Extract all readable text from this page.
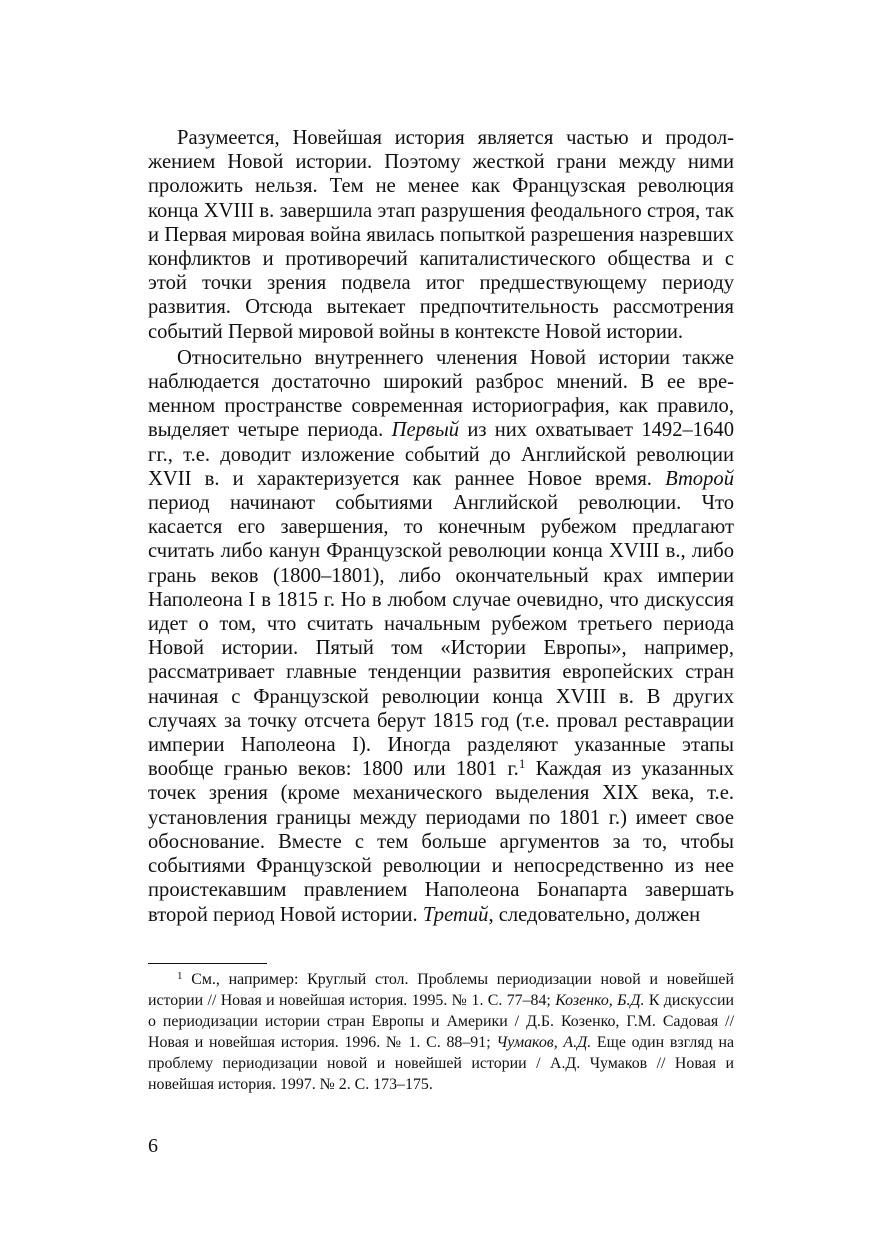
Разумеется, Новейшая история является частью и продолжением Новой истории. Поэтому жесткой грани между ними проложить нельзя. Тем не менее как Французская революция конца XVIII в. завершила этап разрушения феодального строя, так и Первая мировая война явилась попыткой разрешения назревших конфликтов и противоречий капиталистического общества и с этой точки зрения подвела итог предшествующему периоду развития. Отсюда вытекает предпочтительность рассмотрения событий Первой мировой войны в контексте Новой истории.

Относительно внутреннего членения Новой истории также наблюдается достаточно широкий разброс мнений. В ее временном пространстве современная историография, как правило, выделяет четыре периода. Первый из них охватывает 1492–1640 гг., т.е. доводит изложение событий до Английской революции XVII в. и характеризуется как раннее Новое время. Второй период начинают событиями Английской революции. Что касается его завершения, то конечным рубежом предлагают считать либо канун Французской революции конца XVIII в., либо грань веков (1800–1801), либо окончательный крах империи Наполеона I в 1815 г. Но в любом случае очевидно, что дискуссия идет о том, что считать начальным рубежом третьего периода Новой истории. Пятый том «Истории Европы», например, рассматривает главные тенденции развития европейских стран начиная с Французской революции конца XVIII в. В других случаях за точку отсчета берут 1815 год (т.е. провал реставрации империи Наполеона I). Иногда разделяют указанные этапы вообще гранью веков: 1800 или 1801 г.$^1$ Каждая из указанных точек зрения (кроме механического выделения XIX века, т.е. установления границы между периодами по 1801 г.) имеет свое обоснование. Вместе с тем больше аргументов за то, чтобы событиями Французской революции и непосредственно из нее проистекавшим правлением Наполеона Бонапарта завершать второй период Новой истории. Третий, следовательно, должен

$^1$ См., например: Круглый стол. Проблемы периодизации новой и новейшей истории // Новая и новейшая история. 1995. № 1. С. 77–84; Козенко, Б.Д. К дискуссии о периодизации истории стран Европы и Америки / Д.Б. Козенко, Г.М. Садовая // Новая и новейшая история. 1996. № 1. С. 88–91; Чумаков, А.Д. Еще один взгляд на проблему периодизации новой и новейшей истории / А.Д. Чумаков // Новая и новейшая история. 1997. № 2. С. 173–175.

6
